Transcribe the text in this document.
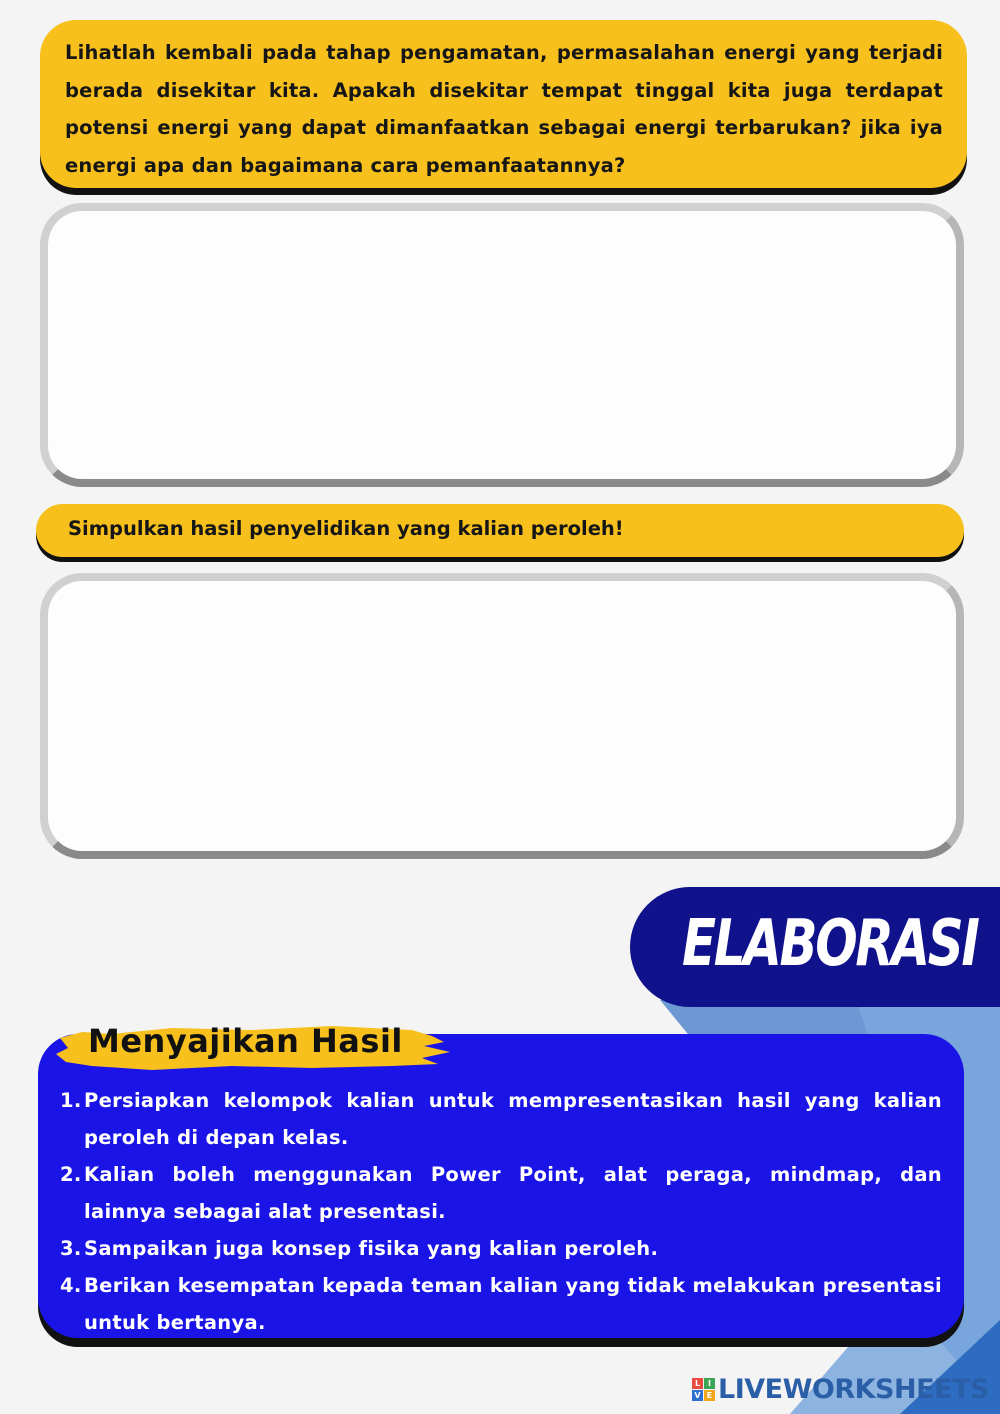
Lihatlah kembali pada tahap pengamatan, permasalahan energi yang terjadi berada disekitar kita. Apakah disekitar tempat tinggal kita juga terdapat potensi energi yang dapat dimanfaatkan sebagai energi terbarukan? jika iya energi apa dan bagaimana cara pemanfaatannya?
Simpulkan hasil penyelidikan yang kalian peroleh!
ELABORASI
Menyajikan Hasil
1. Persiapkan kelompok kalian untuk mempresentasikan hasil yang kalian peroleh di depan kelas.
2. Kalian boleh menggunakan Power Point, alat peraga, mindmap, dan lainnya sebagai alat presentasi.
3. Sampaikan juga konsep fisika yang kalian peroleh.
4. Berikan kesempatan kepada teman kalian yang tidak melakukan presentasi untuk bertanya.
L I
V E LIVEWORKSHEETS
